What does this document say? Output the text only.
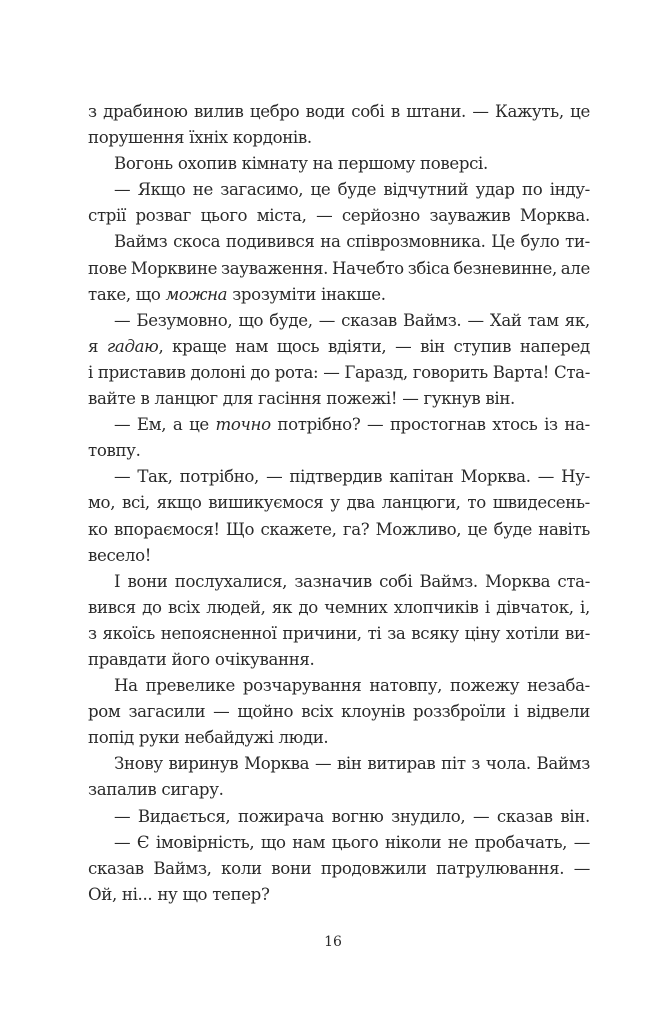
з драбиною вилив цебро води собі в штани. — Кажуть, це
порушення їхніх кордонів.
Вогонь охопив кімнату на першому поверсі.
— Якщо не загасимо, це буде відчутний удар по інду-
стрії розваг цього міста, — серйозно зауважив Морква.
Ваймз скоса подивився на співрозмовника. Це було ти-
пове Морквине зауваження. Начебто збіса безневинне, але
таке, що можна зрозуміти інакше.
— Безумовно, що буде, — сказав Ваймз. — Хай там як,
я гадаю, краще нам щось вдіяти, — він ступив наперед
і приставив долоні до рота: — Гаразд, говорить Варта! Ста-
вайте в ланцюг для гасіння пожежі! — гукнув він.
— Ем, а це точно потрібно? — простогнав хтось із на-
товпу.
— Так, потрібно, — підтвердив капітан Морква. — Ну-
мо, всі, якщо вишикуємося у два ланцюги, то швидесень-
ко впораємося! Що скажете, га? Можливо, це буде навіть
весело!
І вони послухалися, зазначив собі Ваймз. Морква ста-
вився до всіх людей, як до чемних хлопчиків і дівчаток, і,
з якоїсь непоясненної причини, ті за всяку ціну хотіли ви-
правдати його очікування.
На превелике розчарування натовпу, пожежу незаба-
ром загасили — щойно всіх клоунів роззброїли і відвели
попід руки небайдужі люди.
Знову виринув Морква — він витирав піт з чола. Ваймз
запалив сигару.
— Видається, пожирача вогню знудило, — сказав він.
— Є імовірність, що нам цього ніколи не пробачать, —
сказав Ваймз, коли вони продовжили патрулювання. —
Ой, ні... ну що тепер?
16
